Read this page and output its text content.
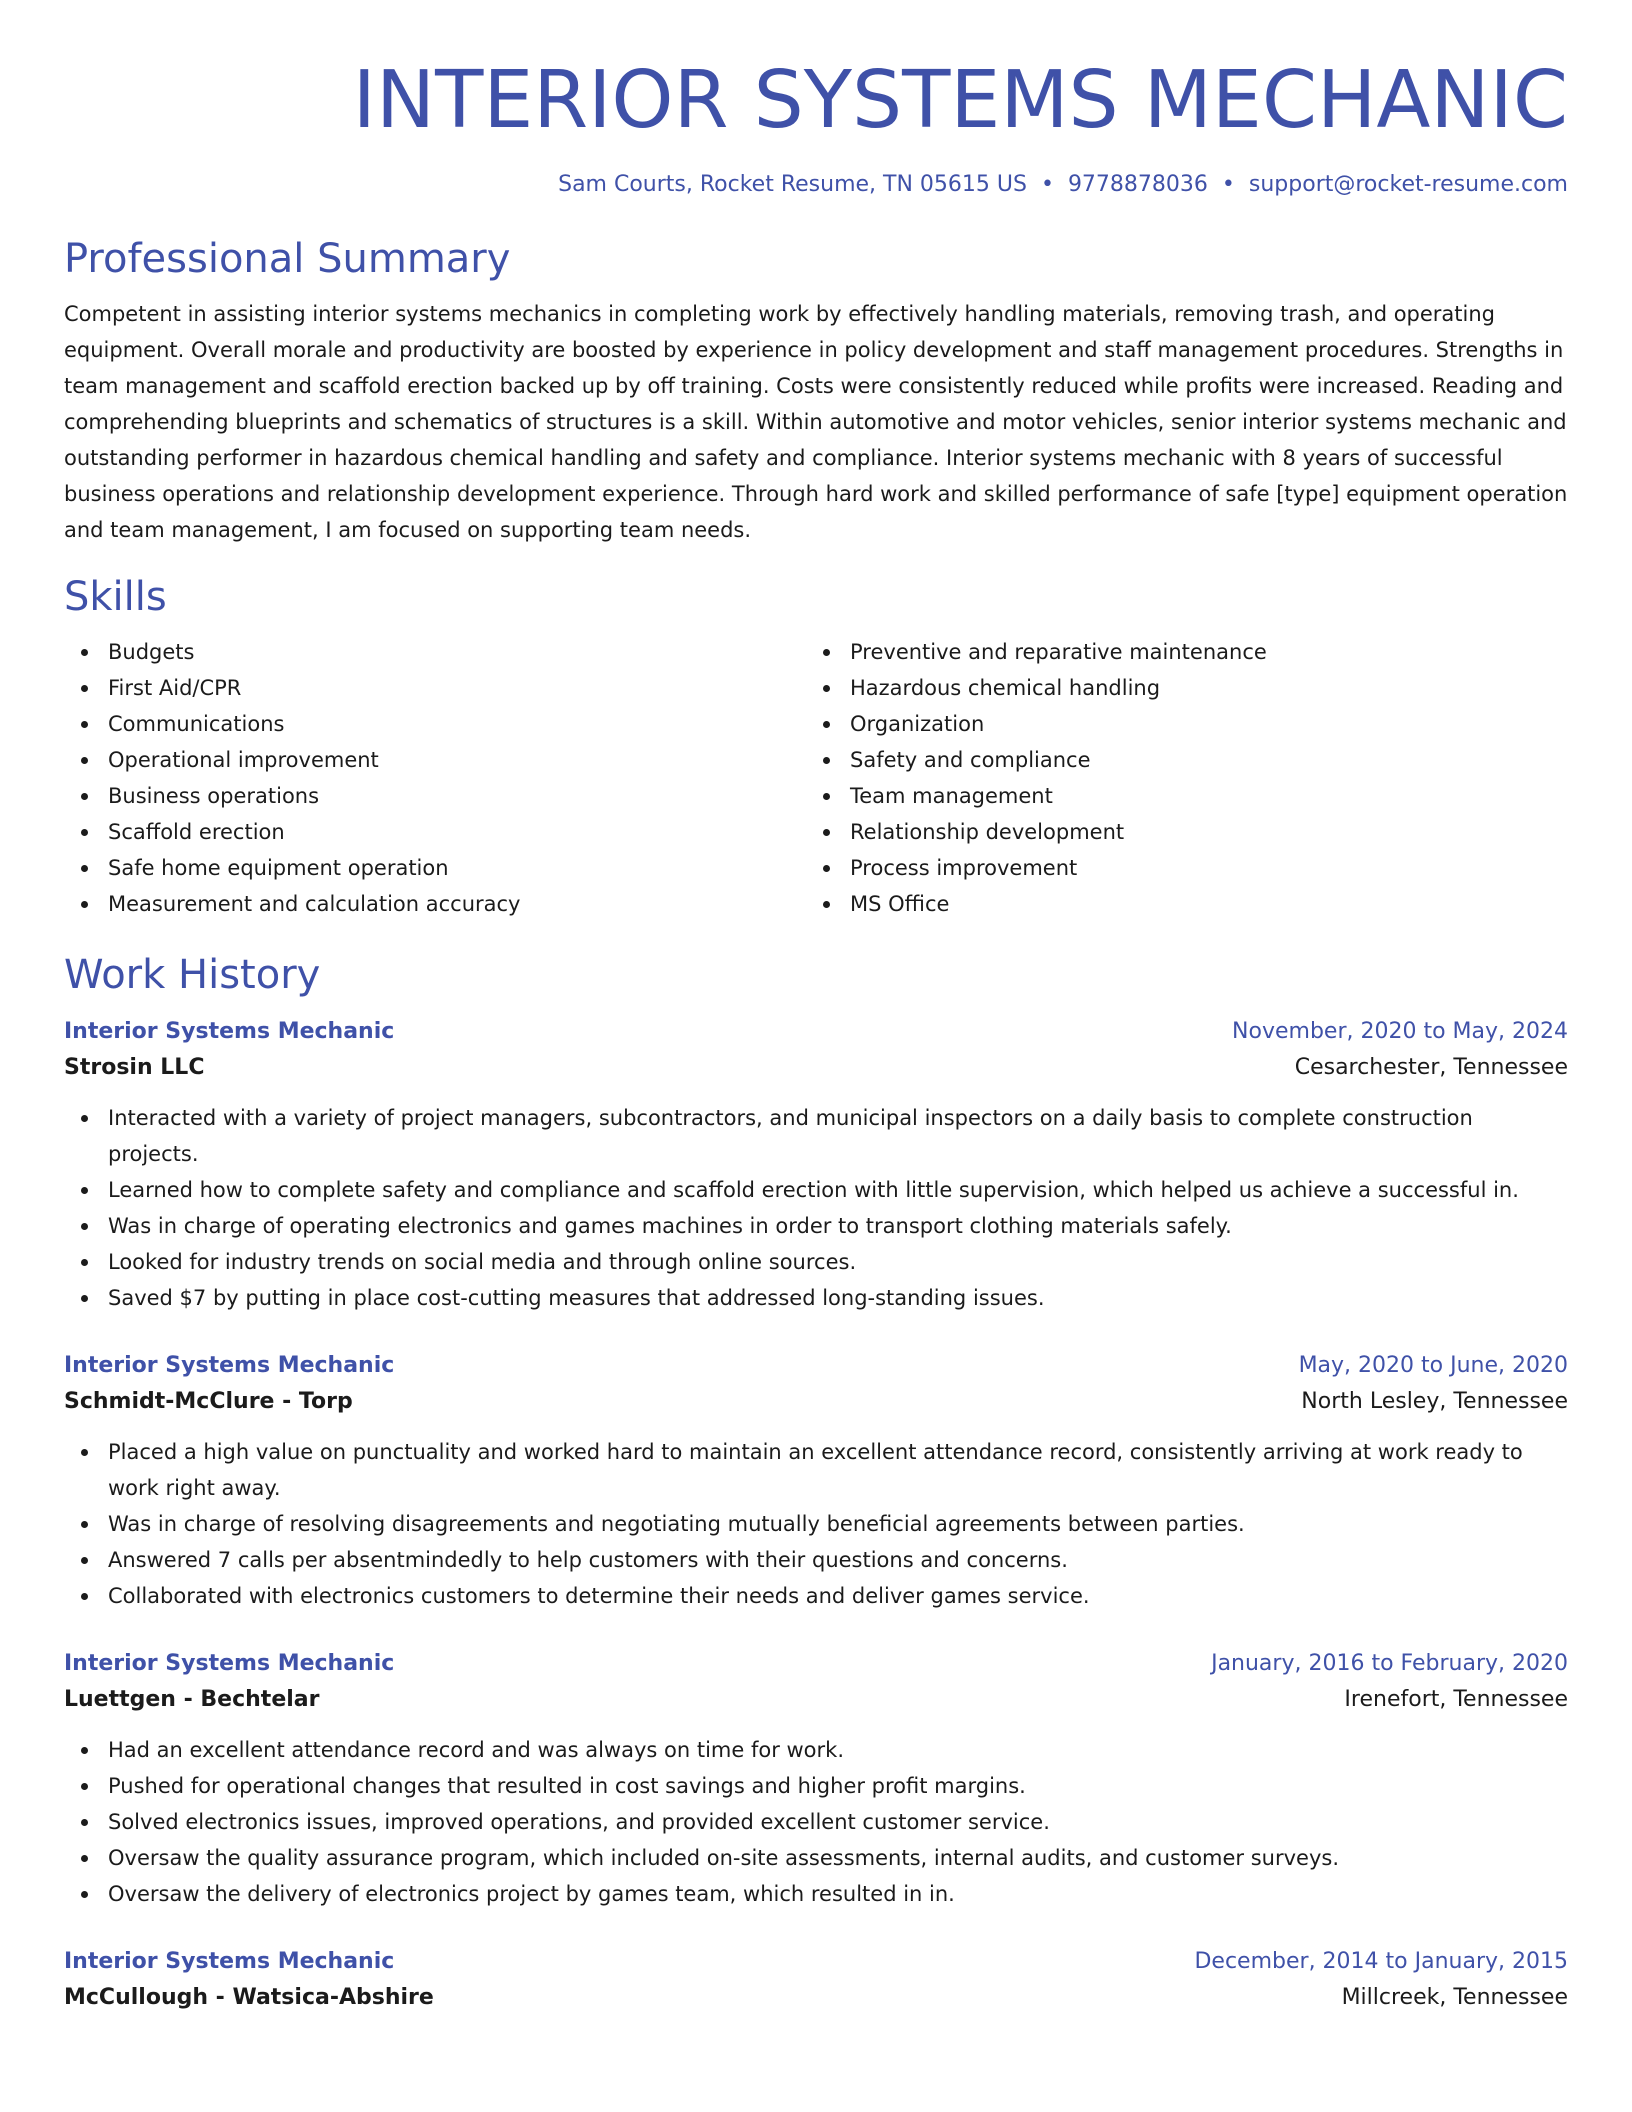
INTERIOR SYSTEMS MECHANIC
Sam Courts, Rocket Resume, TN 05615 US • 9778878036 • support@rocket-resume.com
Professional Summary
Competent in assisting interior systems mechanics in completing work by effectively handling materials, removing trash, and operating equipment. Overall morale and productivity are boosted by experience in policy development and staff management procedures. Strengths in team management and scaffold erection backed up by off training. Costs were consistently reduced while profits were increased. Reading and comprehending blueprints and schematics of structures is a skill. Within automotive and motor vehicles, senior interior systems mechanic and outstanding performer in hazardous chemical handling and safety and compliance. Interior systems mechanic with 8 years of successful business operations and relationship development experience. Through hard work and skilled performance of safe [type] equipment operation and team management, I am focused on supporting team needs.
Skills
Budgets
First Aid/CPR
Communications
Operational improvement
Business operations
Scaffold erection
Safe home equipment operation
Measurement and calculation accuracy
Preventive and reparative maintenance
Hazardous chemical handling
Organization
Safety and compliance
Team management
Relationship development
Process improvement
MS Office
Work History
Interior Systems Mechanic	November, 2020 to May, 2024
Strosin LLC	Cesarchester, Tennessee
Interacted with a variety of project managers, subcontractors, and municipal inspectors on a daily basis to complete construction projects.
Learned how to complete safety and compliance and scaffold erection with little supervision, which helped us achieve a successful in.
Was in charge of operating electronics and games machines in order to transport clothing materials safely.
Looked for industry trends on social media and through online sources.
Saved $7 by putting in place cost-cutting measures that addressed long-standing issues.
Interior Systems Mechanic	May, 2020 to June, 2020
Schmidt-McClure - Torp	North Lesley, Tennessee
Placed a high value on punctuality and worked hard to maintain an excellent attendance record, consistently arriving at work ready to work right away.
Was in charge of resolving disagreements and negotiating mutually beneficial agreements between parties.
Answered 7 calls per absentmindedly to help customers with their questions and concerns.
Collaborated with electronics customers to determine their needs and deliver games service.
Interior Systems Mechanic	January, 2016 to February, 2020
Luettgen - Bechtelar	Irenefort, Tennessee
Had an excellent attendance record and was always on time for work.
Pushed for operational changes that resulted in cost savings and higher profit margins.
Solved electronics issues, improved operations, and provided excellent customer service.
Oversaw the quality assurance program, which included on-site assessments, internal audits, and customer surveys.
Oversaw the delivery of electronics project by games team, which resulted in in.
Interior Systems Mechanic	December, 2014 to January, 2015
McCullough - Watsica-Abshire	Millcreek, Tennessee
